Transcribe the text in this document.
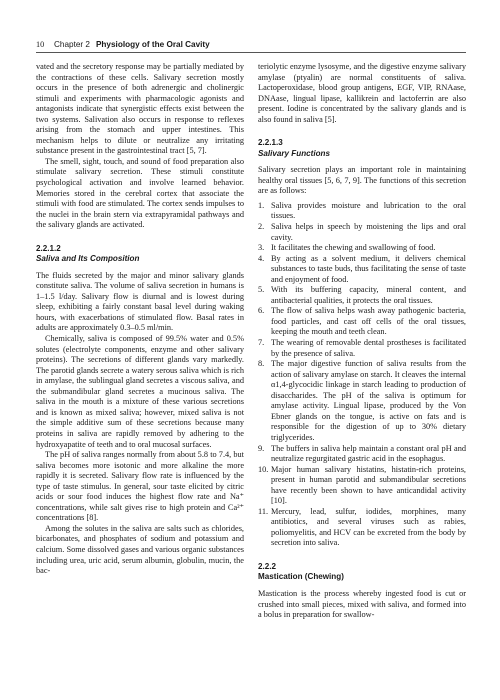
10	Chapter 2 Physiology of the Oral Cavity

vated and the secretory response may be partially mediated by the contractions of these cells. Salivary secretion mostly occurs in the presence of both adrenergic and cholinergic stimuli and experiments with pharmacologic agonists and antagonists indicate that synergistic effects exist between the two systems. Salivation also occurs in response to reflexes arising from the stomach and upper intestines. This mechanism helps to dilute or neutralize any irritating substance present in the gastrointestinal tract [5, 7].

The smell, sight, touch, and sound of food preparation also stimulate salivary secretion. These stimuli constitute psychological activation and involve learned behavior. Memories stored in the cerebral cortex that associate the stimuli with food are stimulated. The cortex sends impulses to the nuclei in the brain stern via extrapyramidal pathways and the salivary glands are activated.

2.2.1.2
Saliva and Its Composition

The fluids secreted by the major and minor salivary glands constitute saliva. The volume of saliva secretion in humans is 1–1.5 l/day. Salivary flow is diurnal and is lowest during sleep, exhibiting a fairly constant basal level during waking hours, with exacerbations of stimulated flow. Basal rates in adults are approximately 0.3–0.5 ml/min.

Chemically, saliva is composed of 99.5% water and 0.5% solutes (electrolyte components, enzyme and other salivary proteins). The secretions of different glands vary markedly. The parotid glands secrete a watery serous saliva which is rich in amylase, the sublingual gland secretes a viscous saliva, and the submandibular gland secretes a mucinous saliva. The saliva in the mouth is a mixture of these various secretions and is known as mixed saliva; however, mixed saliva is not the simple additive sum of these secretions because many proteins in saliva are rapidly removed by adhering to the hydroxyapatite of teeth and to oral mucosal surfaces.

The pH of saliva ranges normally from about 5.8 to 7.4, but saliva becomes more isotonic and more alkaline the more rapidly it is secreted. Salivary flow rate is influenced by the type of taste stimulus. In general, sour taste elicited by citric acids or sour food induces the highest flow rate and Na⁺ concentrations, while salt gives rise to high protein and Ca²⁺ concentrations [8].

Among the solutes in the saliva are salts such as chlorides, bicarbonates, and phosphates of sodium and potassium and calcium. Some dissolved gases and various organic substances including urea, uric acid, serum albumin, globulin, mucin, the bac-

teriolytic enzyme lysosyme, and the digestive enzyme salivary amylase (ptyalin) are normal constituents of saliva. Lactoperoxidase, blood group antigens, EGF, VIP, RNAase, DNAase, lingual lipase, kallikrein and lactoferrin are also present. Iodine is concentrated by the salivary glands and is also found in saliva [5].

2.2.1.3
Salivary Functions

Salivary secretion plays an important role in maintaining healthy oral tissues [5, 6, 7, 9]. The functions of this secretion are as follows:

1. Saliva provides moisture and lubrication to the oral tissues.
2. Saliva helps in speech by moistening the lips and oral cavity.
3. It facilitates the chewing and swallowing of food.
4. By acting as a solvent medium, it delivers chemical substances to taste buds, thus facilitating the sense of taste and enjoyment of food.
5. With its buffering capacity, mineral content, and antibacterial qualities, it protects the oral tissues.
6. The flow of saliva helps wash away pathogenic bacteria, food particles, and cast off cells of the oral tissues, keeping the mouth and teeth clean.
7. The wearing of removable dental prostheses is facilitated by the presence of saliva.
8. The major digestive function of saliva results from the action of salivary amylase on starch. It cleaves the internal α1,4-glycocidic linkage in starch leading to production of disaccharides. The pH of the saliva is optimum for amylase activity. Lingual lipase, produced by the Von Ebner glands on the tongue, is active on fats and is responsible for the digestion of up to 30% dietary triglycerides.
9. The buffers in saliva help maintain a constant oral pH and neutralize regurgitated gastric acid in the esophagus.
10. Major human salivary histatins, histatin-rich proteins, present in human parotid and submandibular secretions have recently been shown to have anticandidal activity [10].
11. Mercury, lead, sulfur, iodides, morphines, many antibiotics, and several viruses such as rabies, poliomyelitis, and HCV can be excreted from the body by secretion into saliva.
2.2.2
Mastication (Chewing)

Mastication is the process whereby ingested food is cut or crushed into small pieces, mixed with saliva, and formed into a bolus in preparation for swallow-
